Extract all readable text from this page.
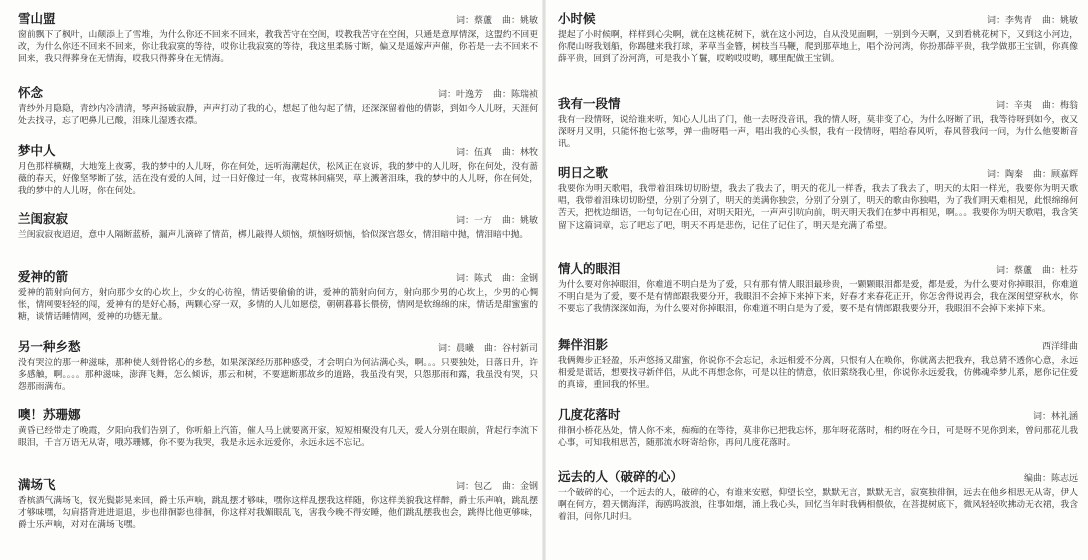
雪山盟	词：蔡蘆 曲：姚敏
窗前飘下了枫叶，山颠添上了雪堆，为什么你还不回来不回来，教我苦守在空闺，哎教我苦守在空闺，只通是意厚情深，这盟约不回更改，为什么你还不回来不回来，你让我寂寞的等待，哎你让我寂寞的等待，我这里柔肠寸断，偏又是遥嫁声声催，你若是一去不回来不回来，我只得葬身在无情海，哎我只得葬身在无情海。
怀念	词：叶逸芳 曲：陈瑞祯
青纱外月隐隐，青纱内冷清清，琴声扬破寂静，声声打动了我的心，想起了他勾起了情，还深深留着他的倩影，到如今人儿呀，天涯何处去找寻，忘了吧鼻儿已酸，泪珠儿湿透衣襟。
梦中人	词：伍真 曲：林牧
月色那样横糊，大地笼上夜雾，我的梦中的人儿呀，你在何处，远听海潮起伏，松风正在哀诉，我的梦中的人儿呀，你在何处，没有蔷薇的春天，好像坚琴断了弦，活在没有爱的人间，过一日好像过一年，夜莺林间痛哭，草上溅著泪珠，我的梦中的人儿呀，你在何处，我的梦中的人儿呀，你在何处。
兰闺寂寂	词：一方 曲：姚敏
兰闺寂寂夜迢迢，意中人隔断蓝桥，漏声儿滴碎了情苗，梆儿敲得人烦恼，烦恼呀烦恼，恰似深宫怨女，情泪暗中抛，情泪暗中抛。
爱神的箭	词：陈式 曲：金钢
爱神的箭射向何方，射向那少女的心坎上，少女的心彷徨，情话要偷偷的讲，爱神的箭射向何方，射向那少男的心坎上，少男的心惆怅，情网要轻轻的闯，爱神有的是好心肠，两颗心穿一双，多情的人儿如愿偿，朝朝暮暮长偎傍，情网是软绵绵的床，情话是甜蜜蜜的糖，谈情话睡情网，爱神的功德无量。
另一种乡愁	词：晨曦 曲：谷村新司
没有哭泣的那一种滋味，那种使人刻骨铭心的乡愁，如果深深经历那种感受，才会明白为何沾满心头，啊。。。只要独处，日落日升，许多感触，啊。。。。那种滋味，澎湃飞舞，怎么倾诉，那云和树，不要遮断那故乡的道路，我虽没有哭，只怨那雨和露，我虽没有哭，只怨那雨满布。
噢！苏珊娜
黄昏已经带走了晚霞，夕阳向我们告别了，你听船上汽笛，催人马上就要离开家，短短相聚没有几天，爱人分别在眼前，背起行李流下眼泪，千言万语无从寄，哦苏珊娜，你不要为我哭，我是永远永远爱你，永远永远不忘记。
满场飞	词：包乙 曲：金钢
香槟酒气满场飞，钗光鬓影晃来回，爵士乐声响，跳乱摆才够味，嘿你这样乱摆我这样随，你这样美貌我这样醉，爵士乐声响，跳乱摆才够味嘿，勾肩搭背进进退退，步也徘徊影也徘徊，你这样对我媚眼乱飞，害我今晚不得安睡，他们跳乱摆我也会，跳得比他更够味，爵士乐声响，对对在满场飞嘿。
小时候	词：李隽青 曲：姚敏
提起了小时候啊，样样到心尖啊，就在这桃花树下，就在这小河边，自从没见面啊，一别到今天啊，又到看桃花树下，又到这小河边，你爬山呀我划船，你踢毽来我打球，茅草当金簪，树枝当马鞭，爬到那草地上，唱个汾河湾，你扮那薛平贵，我学做那王宝钏，你真像薛平贵，回到了汾河湾，可是我小丫鬟，哎哟哎哎哟，哪里配做王宝钏。
我有一段情	词：辛夷 曲：梅翁
我有一段情呀，说给谁来听，知心人儿出了门，他一去呀没音讯，我的情人呀，莫非变了心，为什么呀断了讯，我等待呀到如今，夜又深呀月又明，只能怀抱七弦琴，弹一曲呀唱一声，唱出我的心头恨，我有一段情呀，唱给春风听，春风替我问一问，为什么他要断音讯。
明日之歌	词：陶秦 曲：顾嘉辉
我要你为明天歌唱，我带着泪珠切切盼望，我去了我去了，明天的花儿一样香，我去了我去了，明天的太阳一样光，我要你为明天歌唱，我带着泪珠切切盼望，分别了分别了，明天的美满你独尝，分别了分别了，明天的歌由你独唱，为了我们明天难相见，此恨绵绵何苦天，把枕边细语，一句句记在心田，对明天阳光，一声声引吭向前，明天明天我们在梦中再相见，啊。。。我要你为明天歌唱，我含笑留下这篇词章，忘了吧忘了吧，明天不再是悲伤，记住了记住了，明天是充满了希望。
情人的眼泪	词：蔡蘆 曲：杜芬
为什么要对你掉眼泪，你难道不明白是为了爱，只有那有情人眼泪最珍贵，一颗颗眼泪都是爱，都是爱，为什么要对你掉眼泪，你难道不明白是为了爱，要不是有情郎跟我要分开，我眼泪不会掉下来掉下来，好春才来春花正开，你怎舍得说再会，我在深闺望穿秋水，你不要忘了我情深深如海，为什么要对你掉眼泪，你难道不明白是为了爱，要不是有情郎跟我要分开，我眼泪不会掉下来掉下来。
舞伴泪影	西洋绯曲
我俩舞步正轻盈，乐声悠扬又甜蜜，你说你不会忘记，永远相爱不分离，只恨有人在唤你，你就离去把我弃，我总猜不透你心意，永远相爱是谎话，想要找寻新伴侣，从此不再想念你，可是以往的情意，依旧萦绕我心里，你说你永远爱我，仿佛魂牵梦儿系，愿你记住爱的真谛，重回我的怀里。
几度花落时	词：林礼涵
徘徊小桥花丛处，情人你不来，痴痴的在等待，莫非你已把我忘怀，那年呀花落时，相约呀在今日，可是呀不见你到来，曾问那花儿我心事，可知我相思苦，随那流水呀寄给你，再问几度花落时。
远去的人（破碎的心）	编曲：陈志远
一个破碎的心，一个远去的人，破碎的心，有谁来安慰，仰望长空，默默无言，默默无言，寂寞独徘徊，远去在他乡相思无从寄，伊人啊在何方，碧天儒海洋，海鸥呜波浪，往事如烟，涌上我心头，回忆当年时我俩相偎依，在菩提树底下，微风轻轻吹拂动无衣裙，我含着泪，问你几时归。
